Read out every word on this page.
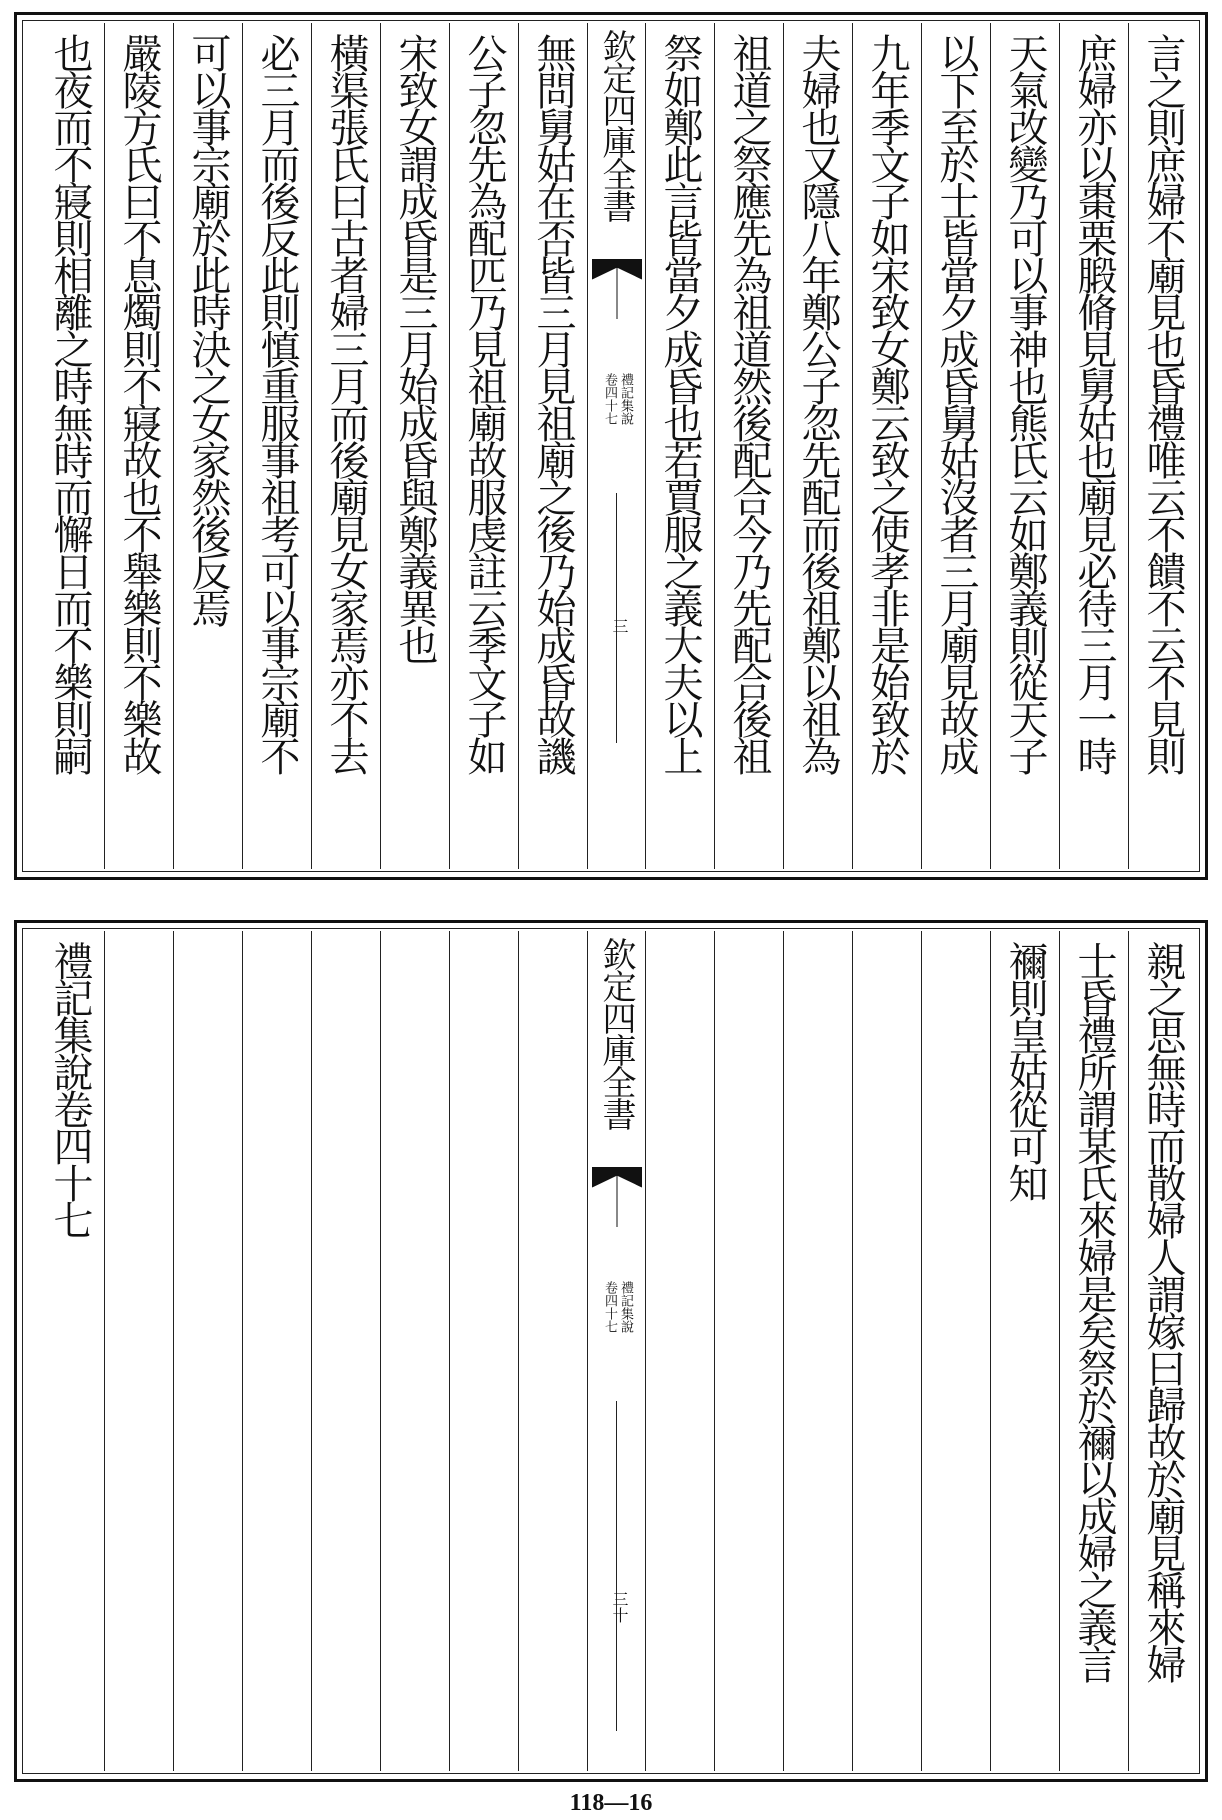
言之則庶婦不廟見也昏禮唯云不饋不云不見則
庶婦亦以棗栗腶脩見舅姑也廟見必待三月一時
天氣改變乃可以事神也熊氏云如鄭義則從天子
以下至於士皆當夕成昏舅姑沒者三月廟見故成
九年季文子如宋致女鄭云致之使孝非是始致於
夫婦也又隱八年鄭公子忽先配而後祖鄭以祖為
祖道之祭應先為祖道然後配合今乃先配合後祖
祭如鄭此言皆當夕成昏也若賈服之義大夫以上
欽定四庫全書
禮記集說
卷四十七
三
無問舅姑在否皆三月見祖廟之後乃始成昏故譏
公子忽先為配匹乃見祖廟故服虔註云季文子如
宋致女謂成昏是三月始成昏與鄭義異也
橫渠張氏曰古者婦三月而後廟見女家焉亦不去
必三月而後反此則慎重服事祖考可以事宗廟不
可以事宗廟於此時決之女家然後反焉
嚴陵方氏曰不息燭則不寢故也不舉樂則不樂故
也夜而不寢則相離之時無時而懈日而不樂則嗣
親之思無時而散婦人謂嫁曰歸故於廟見稱來婦
士昏禮所謂某氏來婦是矣祭於禰以成婦之義言
禰則皇姑從可知
欽定四庫全書
禮記集說
卷四十七
三十
禮記集說卷四十七
118—16
